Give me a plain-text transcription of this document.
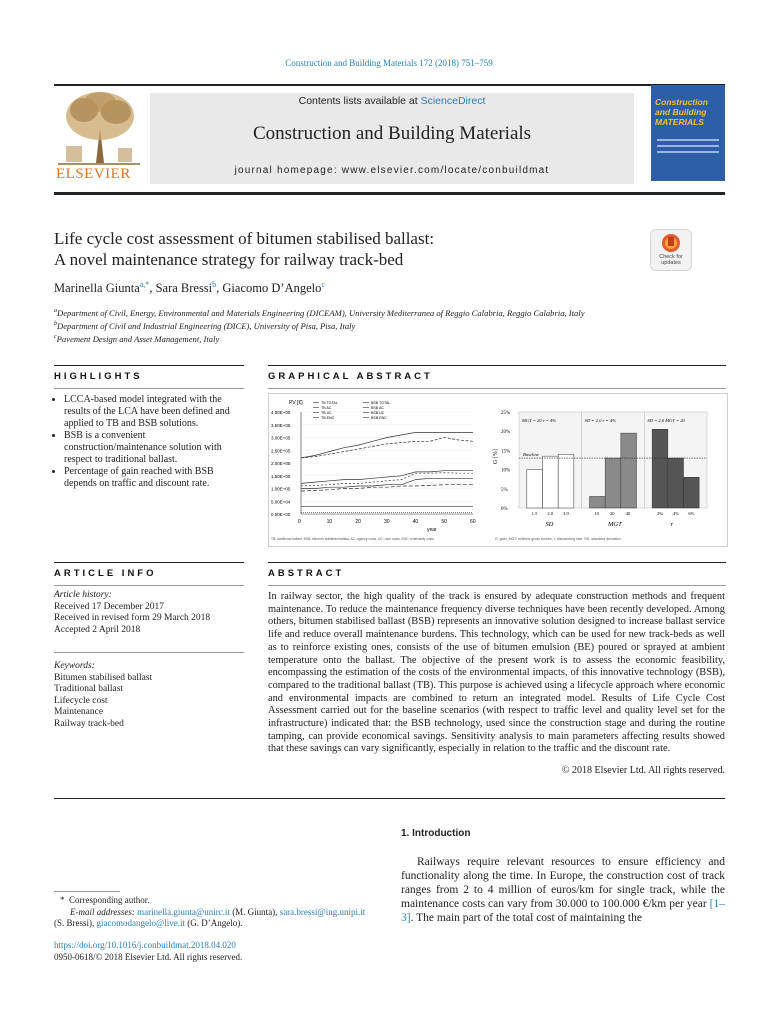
Construction and Building Materials 172 (2018) 751–759
ELSEVIER
Contents lists available at ScienceDirect
Construction and Building Materials
journal homepage: www.elsevier.com/locate/conbuildmat
Construction and Building MATERIALS
Life cycle cost assessment of bitumen stabilised ballast:
A novel maintenance strategy for railway track-bed	Check for updates
Marinella Giunta$^{a,*}$, Sara Bressi$^b$, Giacomo D’Angelo$^c$
$^a$Department of Civil, Energy, Environmental and Materials Engineering (DICEAM), University Mediterranea of Reggio Calabria, Reggio Calabria, Italy
$^b$Department of Civil and Industrial Engineering (DICE), University of Pisa, Pisa, Italy
$^c$Pavement Design and Asset Management, Italy
HIGHLIGHTS
• LCCA-based model integrated with the results of the LCA have been defined and applied to TB and BSB solutions.
• BSB is a convenient construction/maintenance solution with respect to traditional ballast.
• Percentage of gain reached with BSB depends on traffic and discount rate.
GRAPHICAL ABSTRACT
PV [€]
4.00E+05
3.50E+05
3.00E+05
2.50E+05
2.00E+05
1.50E+05
1.00E+05
5.00E+04
0.00E+00
0	10	20	30	40	50	60
year
TB TOTAL
TB AC
TB UC
TB ENC
BSB TOTAL
BSB AC
BSB UC
BSB ENC
TB: traditional ballast, BSB: bitumen stabilised ballast, AC: agency costs, UC: user costs, ENC: externality costs
G [%]
25%
20%
15%
10%
5%
0%
MGT = 20 r = 4%
1.5 2.0 3.0
SD
SD = 2.0 r = 4%
10 20 40
MGT
SD = 2.0 MGT = 20
2% 4% 6%
r
Baseline
G: gain, MGT: millions gross tonnes, r: discounting rate, SD: standard deviation
ARTICLE INFO
Article history:
Received 17 December 2017
Received in revised form 29 March 2018
Accepted 2 April 2018
Keywords:
Bitumen stabilised ballast
Traditional ballast
Lifecycle cost
Maintenance
Railway track-bed
ABSTRACT
In railway sector, the high quality of the track is ensured by adequate construction methods and frequent maintenance. To reduce the maintenance frequency diverse techniques have been recently developed. Among others, bitumen stabilised ballast (BSB) represents an innovative solution designed to increase ballast service life and reduce overall maintenance burdens. This technology, which can be used for new track-beds as well as to reinforce existing ones, consists of the use of bitumen emulsion (BE) poured or sprayed at ambient temperature onto the ballast. The objective of the present work is to assess the economic feasibility, encompassing the estimation of the costs of the environmental impacts, of this innovative technology (BSB), compared to the traditional ballast (TB). This purpose is achieved using a lifecycle approach where economic and environmental impacts are combined to return an integrated model. Results of Life Cycle Cost Assessment carried out for the baseline scenarios (with respect to traffic level and quality level set for the infrastructure) indicated that: the BSB technology, used since the construction stage and during the routine tamping, can provide economical savings. Sensitivity analysis to main parameters affecting results showed that these savings can vary significantly, especially in relation to the traffic and the discount rate.
© 2018 Elsevier Ltd. All rights reserved.
1. Introduction
Railways require relevant resources to ensure efficiency and functionality along the time. In Europe, the construction cost of track ranges from 2 to 4 million of euros/km for single track, while the maintenance costs can vary from 30.000 to 100.000 €/km per year [1–3]. The main part of the total cost of maintaining the
*  Corresponding author.
E-mail addresses: marinella.giunta@unirc.it (M. Giunta), sara.bressi@ing.unipi.it
(S. Bressi), giacomodangelo@live.it (G. D’Angelo).
https://doi.org/10.1016/j.conbuildmat.2018.04.020
0950-0618/© 2018 Elsevier Ltd. All rights reserved.
